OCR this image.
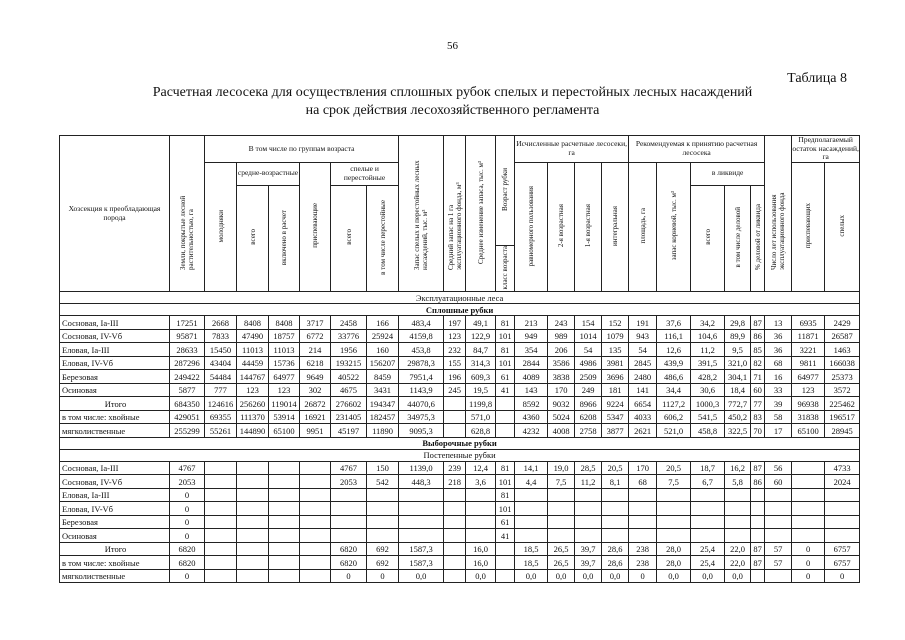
56
Таблица 8
Расчетная лесосека для осуществления сплошных рубок спелых и перестойных лесных насаждений
на срок действия лесохозяйственного регламента
Хозсекция к преобладающая порода	Земли, покрытые лесной растительностью, га	В том числе по группам возраста						Запас спелых и перестойных лесных насаждений, тыс. м³	Средний запас на 1 га эксплуатационного фонда, м³	Среднее изменение запаса, тыс. м³	Возраст рубки	Исчисленные расчетные лесосеки, га				Рекомендуемая к принятию расчетная лесосека					Число лет использования эксплуатационного фонда	Предполагаемый остаток насаждений, га	
		молодняки	средне-возрастные		приспевающие	спелые и перестойные						равномерного пользования	2-я возрастная	1-я возрастная	интегральная	площадь, га	запас корневой, тыс. м³	в ликвиде				приспевающих	спелых
			всего	включено в расчет		всего	в том числе перестойные											всего	в том числе деловой	% деловой от ликвида			
											класс возраста												
Эксплуатационные леса																							
Сплошные рубки																							
Сосновая, Iа-III	17251	2668	8408	8408	3717	2458	166	483,4	197	49,1	81	213	243	154	152	191	37,6	34,2	29,8	87	13	6935	2429
Сосновая, IV-Vб	95871	7833	47490	18757	6772	33776	25924	4159,8	123	122,9	101	949	989	1014	1079	943	116,1	104,6	89,9	86	36	11871	26587
Еловая, Iа-III	28633	15450	11013	11013	214	1956	160	453,8	232	84,7	81	354	206	54	135	54	12,6	11,2	9,5	85	36	3221	1463
Еловая, IV-Vб	287296	43404	44459	15736	6218	193215	156207	29878,3	155	314,3	101	2844	3586	4986	3981	2845	439,9	391,5	321,0	82	68	9811	166038
Березовая	249422	54484	144767	64977	9649	40522	8459	7951,4	196	609,3	61	4089	3838	2509	3696	2480	486,6	428,2	304,1	71	16	64977	25373
Осиновая	5877	777	123	123	302	4675	3431	1143,9	245	19,5	41	143	170	249	181	141	34,4	30,6	18,4	60	33	123	3572
Итого	684350	124616	256260	119014	26872	276602	194347	44070,6		1199,8		8592	9032	8966	9224	6654	1127,2	1000,3	772,7	77	39	96938	225462
в том числе: хвойные	429051	69355	111370	53914	16921	231405	182457	34975,3		571,0		4360	5024	6208	5347	4033	606,2	541,5	450,2	83	58	31838	196517
мягколиственные	255299	55261	144890	65100	9951	45197	11890	9095,3		628,8		4232	4008	2758	3877	2621	521,0	458,8	322,5	70	17	65100	28945
Выборочные рубки																							
Постепенные рубки																							
Сосновая, Iа-III	4767					4767	150	1139,0	239	12,4	81	14,1	19,0	28,5	20,5	170	20,5	18,7	16,2	87	56		4733
Сосновая, IV-Vб	2053					2053	542	448,3	218	3,6	101	4,4	7,5	11,2	8,1	68	7,5	6,7	5,8	86	60		2024
Еловая, Iа-III	0										81												
Еловая, IV-Vб	0										101												
Березовая	0										61												
Осиновая	0										41												
Итого	6820					6820	692	1587,3		16,0		18,5	26,5	39,7	28,6	238	28,0	25,4	22,0	87	57	0	6757
в том числе: хвойные	6820					6820	692	1587,3		16,0		18,5	26,5	39,7	28,6	238	28,0	25,4	22,0	87	57	0	6757
мягколиственные	0					0	0	0,0		0,0		0,0	0,0	0,0	0,0	0	0,0	0,0	0,0			0	0
